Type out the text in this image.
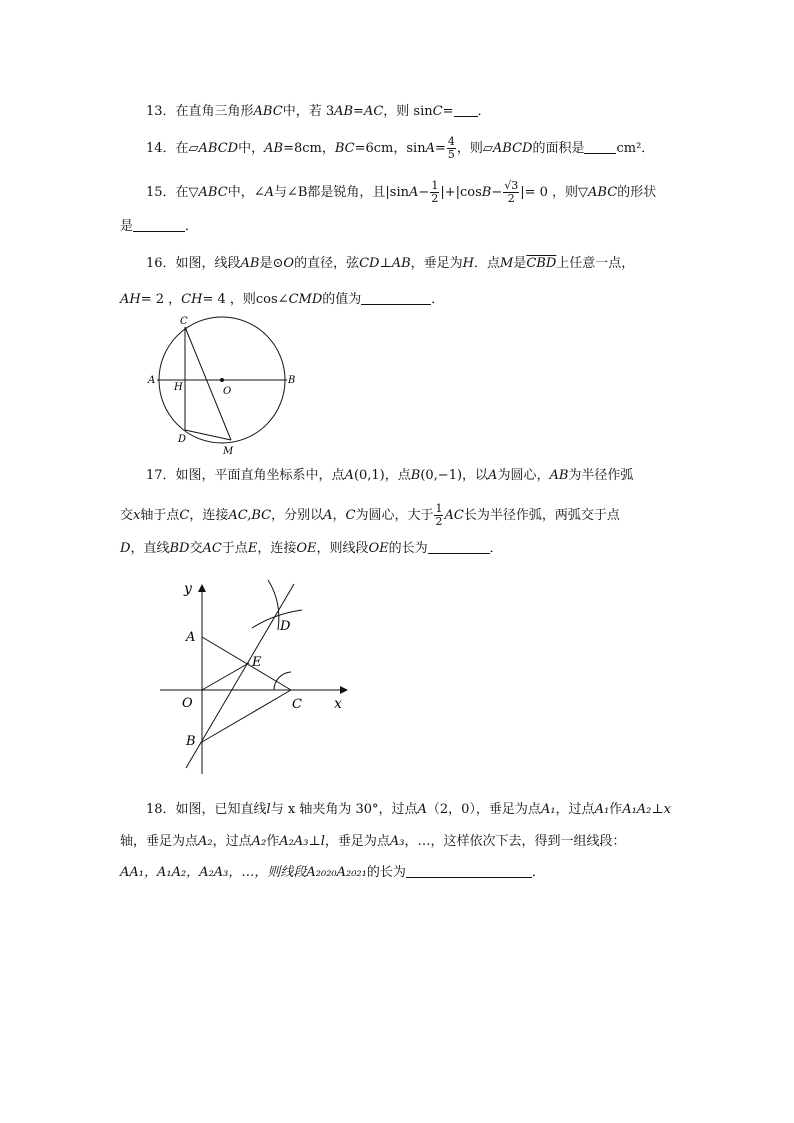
13．在直角三角形ABC中，若 3AB=AC，则 sinC= ．
14．在▱ABCD中，AB=8cm，BC=6cm，$\sin A= \frac{4}{5}$ ，则▱ABCD的面积是 cm²．
15．在▽ABC中，∠A与∠B都是锐角，且$|\sin A- \frac{1}{2} |+|\cos B- \frac{√3}{2}$ |= 0 ，则▽ABC的形状
是	．
16．如图，线段AB是⊙O的直径，弦CD⊥AB，垂足为H．点M是$\overline{CBD}$上任意一点，
AH= 2 ，CH= 4 ，则cos∠CMD的值为	．
C
A
H	O
B
D
M
17．如图，平面直角坐标系中，点A(0,1)，点B(0,−1)，以A为圆心，AB为半径作弧
交x轴于点C，连接AC,BC，分别以A，C为圆心，大于 $\frac{1}{2}$ AC长为半径作弧，两弧交于点
D，直线BD交AC于点E，连接OE，则线段OE的长为	．
y
A
D
E
O	C x
B
18．如图，已知直线l与 x 轴夹角为 30°，过点A（2，0），垂足为点A₁，过点A₁作A₁A₂⊥x
轴，垂足为点A₂，过点A₂作A₂A₃⊥l，垂足为点A₃，…，这样依次下去，得到一组线段：
AA₁，A₁A₂，A₂A₃，…，则线段A₂₀₂₀A₂₀₂₁的长为	．
